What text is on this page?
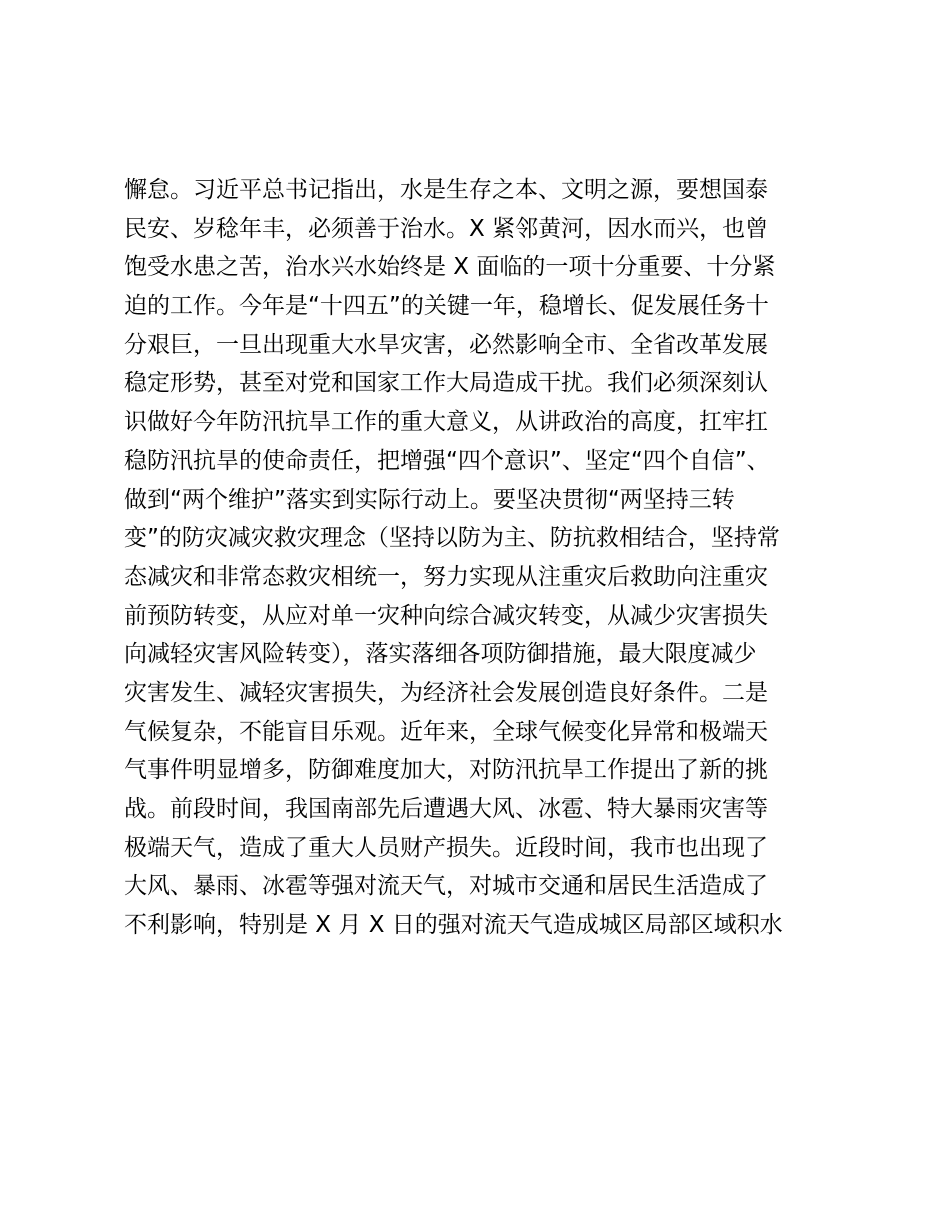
懈怠。习近平总书记指出，水是生存之本、文明之源，要想国泰
民安、岁稔年丰，必须善于治水。X 紧邻黄河，因水而兴，也曾
饱受水患之苦，治水兴水始终是 X 面临的一项十分重要、十分紧
迫的工作。今年是“十四五”的关键一年，稳增长、促发展任务十
分艰巨，一旦出现重大水旱灾害，必然影响全市、全省改革发展
稳定形势，甚至对党和国家工作大局造成干扰。我们必须深刻认
识做好今年防汛抗旱工作的重大意义，从讲政治的高度，扛牢扛
稳防汛抗旱的使命责任，把增强“四个意识”、坚定“四个自信”、
做到“两个维护”落实到实际行动上。要坚决贯彻“两坚持三转
变”的防灾减灾救灾理念（坚持以防为主、防抗救相结合，坚持常
态减灾和非常态救灾相统一，努力实现从注重灾后救助向注重灾
前预防转变，从应对单一灾种向综合减灾转变，从减少灾害损失
向减轻灾害风险转变），落实落细各项防御措施，最大限度减少
灾害发生、减轻灾害损失，为经济社会发展创造良好条件。二是
气候复杂，不能盲目乐观。近年来，全球气候变化异常和极端天
气事件明显增多，防御难度加大，对防汛抗旱工作提出了新的挑
战。前段时间，我国南部先后遭遇大风、冰雹、特大暴雨灾害等
极端天气，造成了重大人员财产损失。近段时间，我市也出现了
大风、暴雨、冰雹等强对流天气，对城市交通和居民生活造成了
不利影响，特别是 X 月 X 日的强对流天气造成城区局部区域积水
